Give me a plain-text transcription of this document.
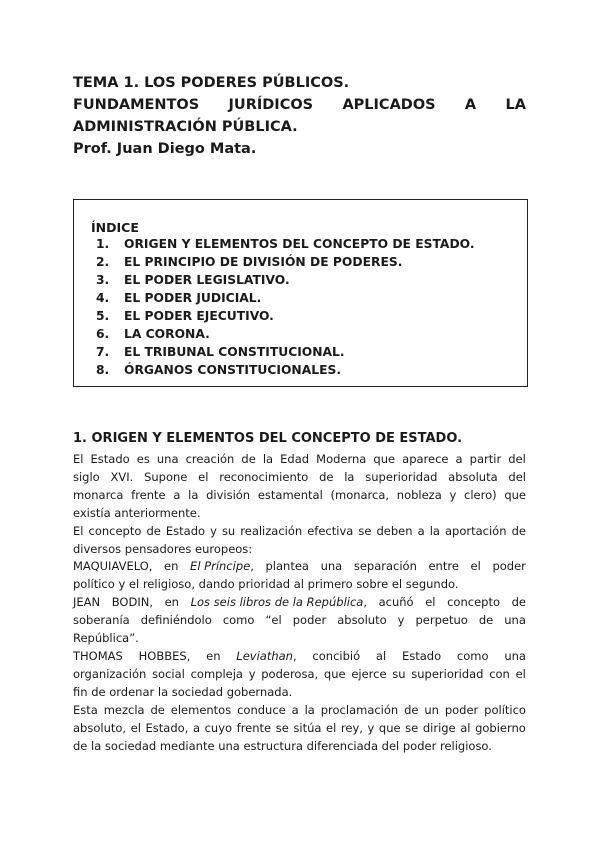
TEMA 1. LOS PODERES PÚBLICOS.
FUNDAMENTOS JURÍDICOS APLICADOS A LA
ADMINISTRACIÓN PÚBLICA.
Prof. Juan Diego Mata.
ÍNDICE
1. ORIGEN Y ELEMENTOS DEL CONCEPTO DE ESTADO.
2. EL PRINCIPIO DE DIVISIÓN DE PODERES.
3. EL PODER LEGISLATIVO.
4. EL PODER JUDICIAL.
5. EL PODER EJECUTIVO.
6. LA CORONA.
7. EL TRIBUNAL CONSTITUCIONAL.
8. ÓRGANOS CONSTITUCIONALES.
1. ORIGEN Y ELEMENTOS DEL CONCEPTO DE ESTADO.
El Estado es una creación de la Edad Moderna que aparece a partir del
siglo XVI. Supone el reconocimiento de la superioridad absoluta del
monarca frente a la división estamental (monarca, nobleza y clero) que
existía anteriormente.
El concepto de Estado y su realización efectiva se deben a la aportación de
diversos pensadores europeos:
MAQUIAVELO, en El Príncipe, plantea una separación entre el poder
político y el religioso, dando prioridad al primero sobre el segundo.
JEAN BODIN, en Los seis libros de la República, acuñó el concepto de
soberanía definiéndolo como “el poder absoluto y perpetuo de una
República”.
THOMAS HOBBES, en Leviathan, concibió al Estado como una
organización social compleja y poderosa, que ejerce su superioridad con el
fin de ordenar la sociedad gobernada.
Esta mezcla de elementos conduce a la proclamación de un poder político
absoluto, el Estado, a cuyo frente se sitúa el rey, y que se dirige al gobierno
de la sociedad mediante una estructura diferenciada del poder religioso.
